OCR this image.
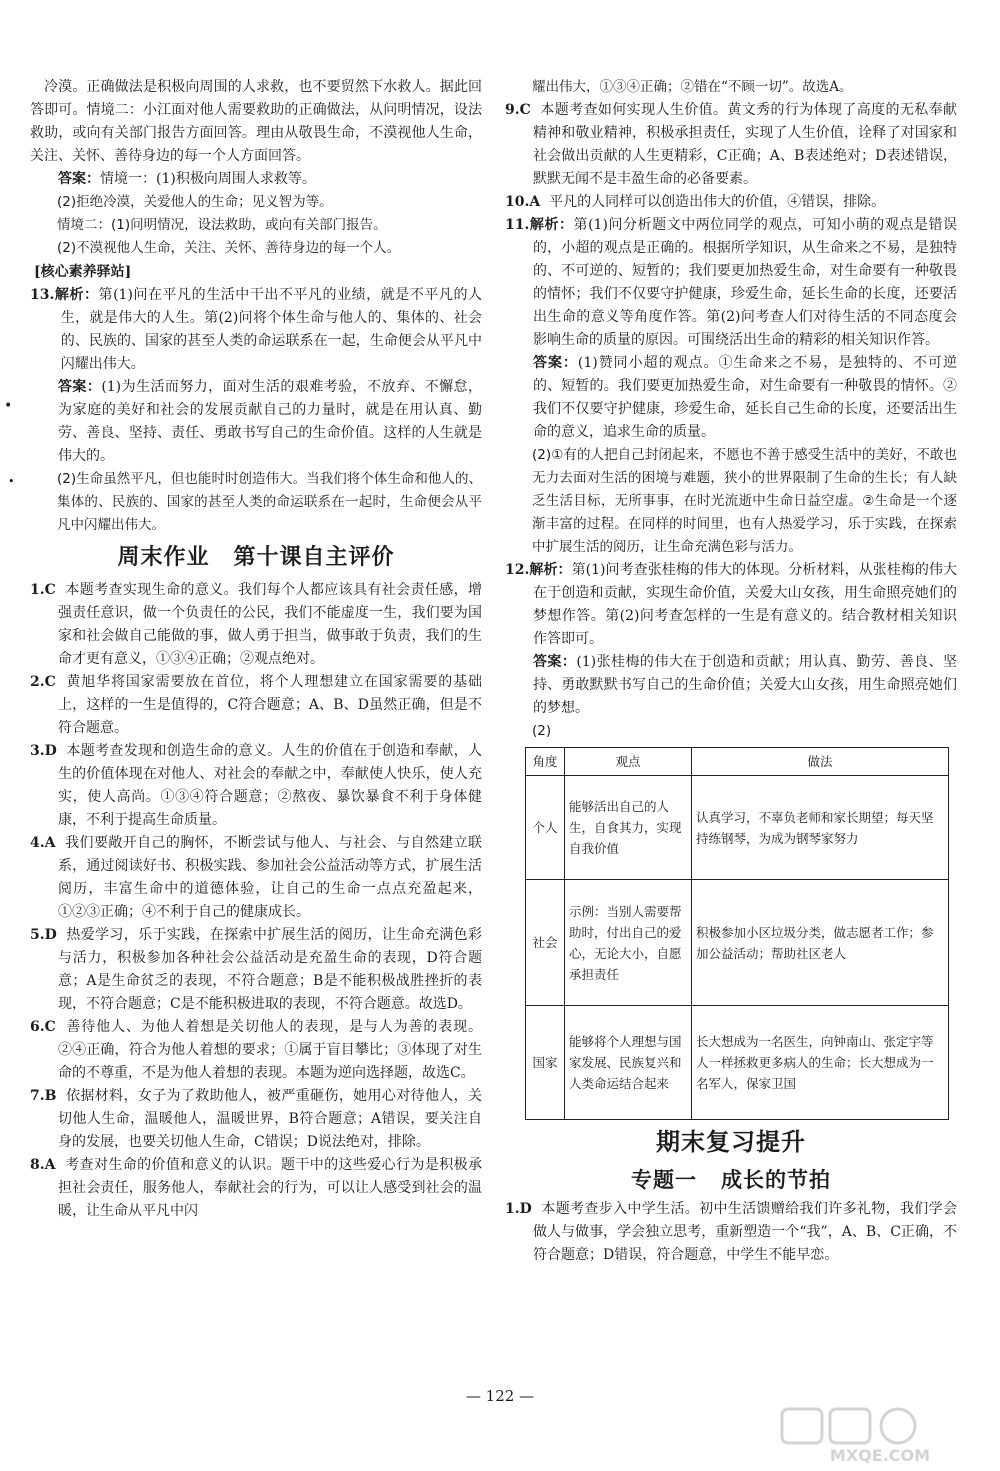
冷漠。正确做法是积极向周围的人求救，也不要贸然下水救人。据此回答即可。情境二：小江面对他人需要救助的正确做法，从问明情况，设法救助，或向有关部门报告方面回答。理由从敬畏生命，不漠视他人生命，关注、关怀、善待身边的每一个人方面回答。

答案：情境一：(1)积极向周围人求救等。

(2)拒绝冷漠，关爱他人的生命；见义智为等。

情境二：(1)问明情况，设法救助，或向有关部门报告。

(2)不漠视他人生命，关注、关怀、善待身边的每一个人。

[核心素养驿站]

13.解析：第(1)问在平凡的生活中干出不平凡的业绩，就是不平凡的人生，就是伟大的人生。第(2)问将个体生命与他人的、集体的、社会的、民族的、国家的甚至人类的命运联系在一起，生命便会从平凡中闪耀出伟大。

答案：(1)为生活而努力，面对生活的艰难考验，不放弃、不懈怠，为家庭的美好和社会的发展贡献自己的力量时，就是在用认真、勤劳、善良、坚持、责任、勇敢书写自己的生命价值。这样的人生就是伟大的。

(2)生命虽然平凡，但也能时时创造伟大。当我们将个体生命和他人的、集体的、民族的、国家的甚至人类的命运联系在一起时，生命便会从平凡中闪耀出伟大。

周末作业 第十课自主评价

1.C 本题考查实现生命的意义。我们每个人都应该具有社会责任感，增强责任意识，做一个负责任的公民，我们不能虚度一生，我们要为国家和社会做自己能做的事，做人勇于担当，做事敢于负责，我们的生命才更有意义，①③④正确；②观点绝对。

2.C 黄旭华将国家需要放在首位，将个人理想建立在国家需要的基础上，这样的一生是值得的，C符合题意；A、B、D虽然正确，但是不符合题意。

3.D 本题考查发现和创造生命的意义。人生的价值在于创造和奉献，人生的价值体现在对他人、对社会的奉献之中，奉献使人快乐，使人充实，使人高尚。①③④符合题意；②熬夜、暴饮暴食不利于身体健康，不利于提高生命质量。

4.A 我们要敞开自己的胸怀，不断尝试与他人、与社会、与自然建立联系，通过阅读好书、积极实践、参加社会公益活动等方式，扩展生活阅历，丰富生命中的道德体验，让自己的生命一点点充盈起来，①②③正确；④不利于自己的健康成长。

5.D 热爱学习，乐于实践，在探索中扩展生活的阅历，让生命充满色彩与活力，积极参加各种社会公益活动是充盈生命的表现，D符合题意；A是生命贫乏的表现，不符合题意；B是不能积极战胜挫折的表现，不符合题意；C是不能积极进取的表现，不符合题意。故选D。

6.C 善待他人、为他人着想是关切他人的表现，是与人为善的表现。②④正确，符合为他人着想的要求；①属于盲目攀比；③体现了对生命的不尊重，不是为他人着想的表现。本题为逆向选择题，故选C。

7.B 依据材料，女子为了救助他人，被严重砸伤，她用心对待他人，关切他人生命，温暖他人，温暖世界，B符合题意；A错误，要关注自身的发展，也要关切他人生命，C错误；D说法绝对，排除。

8.A 考查对生命的价值和意义的认识。题干中的这些爱心行为是积极承担社会责任，服务他人，奉献社会的行为，可以让人感受到社会的温暖，让生命从平凡中闪

耀出伟大，①③④正确；②错在“不顾一切”。故选A。

9.C 本题考查如何实现人生价值。黄文秀的行为体现了高度的无私奉献精神和敬业精神，积极承担责任，实现了人生价值，诠释了对国家和社会做出贡献的人生更精彩，C正确；A、B表述绝对；D表述错误，默默无闻不是丰盈生命的必备要素。

10.A 平凡的人同样可以创造出伟大的价值，④错误，排除。

11.解析：第(1)问分析题文中两位同学的观点，可知小萌的观点是错误的，小超的观点是正确的。根据所学知识，从生命来之不易，是独特的、不可逆的、短暂的；我们要更加热爱生命，对生命要有一种敬畏的情怀；我们不仅要守护健康，珍爱生命，延长生命的长度，还要活出生命的意义等角度作答。第(2)问考查人们对待生活的不同态度会影响生命的质量的原因。可围绕活出生命的精彩的相关知识作答。

答案：(1)赞同小超的观点。①生命来之不易，是独特的、不可逆的、短暂的。我们要更加热爱生命，对生命要有一种敬畏的情怀。②我们不仅要守护健康，珍爱生命，延长自己生命的长度，还要活出生命的意义，追求生命的质量。

(2)①有的人把自己封闭起来，不愿也不善于感受生活中的美好，不敢也无力去面对生活的困境与难题，狭小的世界限制了生命的生长；有人缺乏生活目标，无所事事，在时光流逝中生命日益空虚。②生命是一个逐渐丰富的过程。在同样的时间里，也有人热爱学习，乐于实践，在探索中扩展生活的阅历，让生命充满色彩与活力。

12.解析：第(1)问考查张桂梅的伟大的体现。分析材料，从张桂梅的伟大在于创造和贡献，实现生命价值，关爱大山女孩，用生命照亮她们的梦想作答。第(2)问考查怎样的一生是有意义的。结合教材相关知识作答即可。

答案：(1)张桂梅的伟大在于创造和贡献；用认真、勤劳、善良、坚持、勇敢默默书写自己的生命价值；关爱大山女孩，用生命照亮她们的梦想。

(2)

角度	观点	做法
个人	能够活出自己的人生，自食其力，实现自我价值	认真学习，不辜负老师和家长期望；每天坚持练钢琴，为成为钢琴家努力
社会	示例：当别人需要帮助时，付出自己的爱心，无论大小，自愿承担责任	积极参加小区垃圾分类，做志愿者工作；参加公益活动；帮助社区老人
国家	能够将个人理想与国家发展、民族复兴和人类命运结合起来	长大想成为一名医生，向钟南山、张定宇等人一样拯救更多病人的生命；长大想成为一名军人，保家卫国
期末复习提升
专题一 成长的节拍

1.D 本题考查步入中学生活。初中生活馈赠给我们许多礼物，我们学会做人与做事，学会独立思考，重新塑造一个“我”，A、B、C正确，不符合题意；D错误，符合题意，中学生不能早恋。

•
•
— 122 —
MXQE.COM
